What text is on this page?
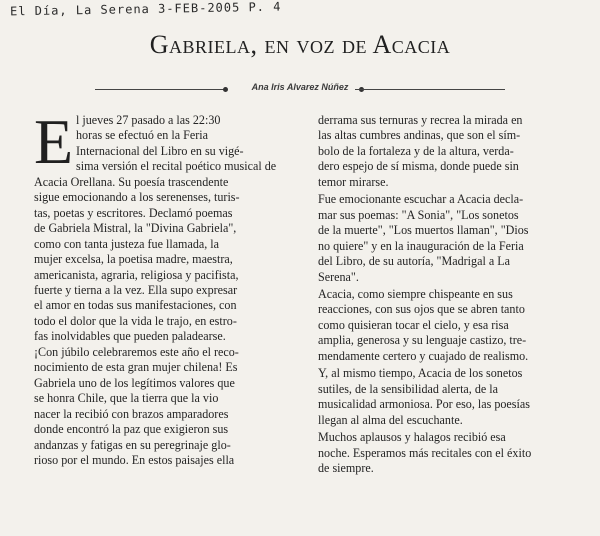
El Día, La Serena 3-FEB-2005 P. 4
Gabriela, en voz de Acacia
Ana Iris Alvarez Núñez
E l jueves 27 pasado a las 22:30
horas se efectuó en la Feria
Internacional del Libro en su vigé-
sima versión el recital poético musical de
Acacia Orellana. Su poesía trascendente
sigue emocionando a los serenenses, turis-
tas, poetas y escritores. Declamó poemas
de Gabriela Mistral, la "Divina Gabriela",
como con tanta justeza fue llamada, la
mujer excelsa, la poetisa madre, maestra,
americanista, agraria, religiosa y pacifista,
fuerte y tierna a la vez. Ella supo expresar
el amor en todas sus manifestaciones, con
todo el dolor que la vida le trajo, en estro-
fas inolvidables que pueden paladearse.
¡Con júbilo celebraremos este año el reco-
nocimiento de esta gran mujer chilena! Es
Gabriela uno de los legítimos valores que
se honra Chile, que la tierra que la vio
nacer la recibió con brazos amparadores
donde encontró la paz que exigieron sus
andanzas y fatigas en su peregrinaje glo-
rioso por el mundo. En estos paisajes ella
derrama sus ternuras y recrea la mirada en
las altas cumbres andinas, que son el sím-
bolo de la fortaleza y de la altura, verda-
dero espejo de sí misma, donde puede sin
temor mirarse.
Fue emocionante escuchar a Acacia decla-
mar sus poemas: "A Sonia", "Los sonetos
de la muerte", "Los muertos llaman", "Dios
no quiere" y en la inauguración de la Feria
del Libro, de su autoría, "Madrigal a La
Serena".
Acacia, como siempre chispeante en sus
reacciones, con sus ojos que se abren tanto
como quisieran tocar el cielo, y esa risa
amplia, generosa y su lenguaje castizo, tre-
mendamente certero y cuajado de realismo.
Y, al mismo tiempo, Acacia de los sonetos
sutiles, de la sensibilidad alerta, de la
musicalidad armoniosa. Por eso, las poesías
llegan al alma del escuchante.
Muchos aplausos y halagos recibió esa
noche. Esperamos más recitales con el éxito
de siempre.
